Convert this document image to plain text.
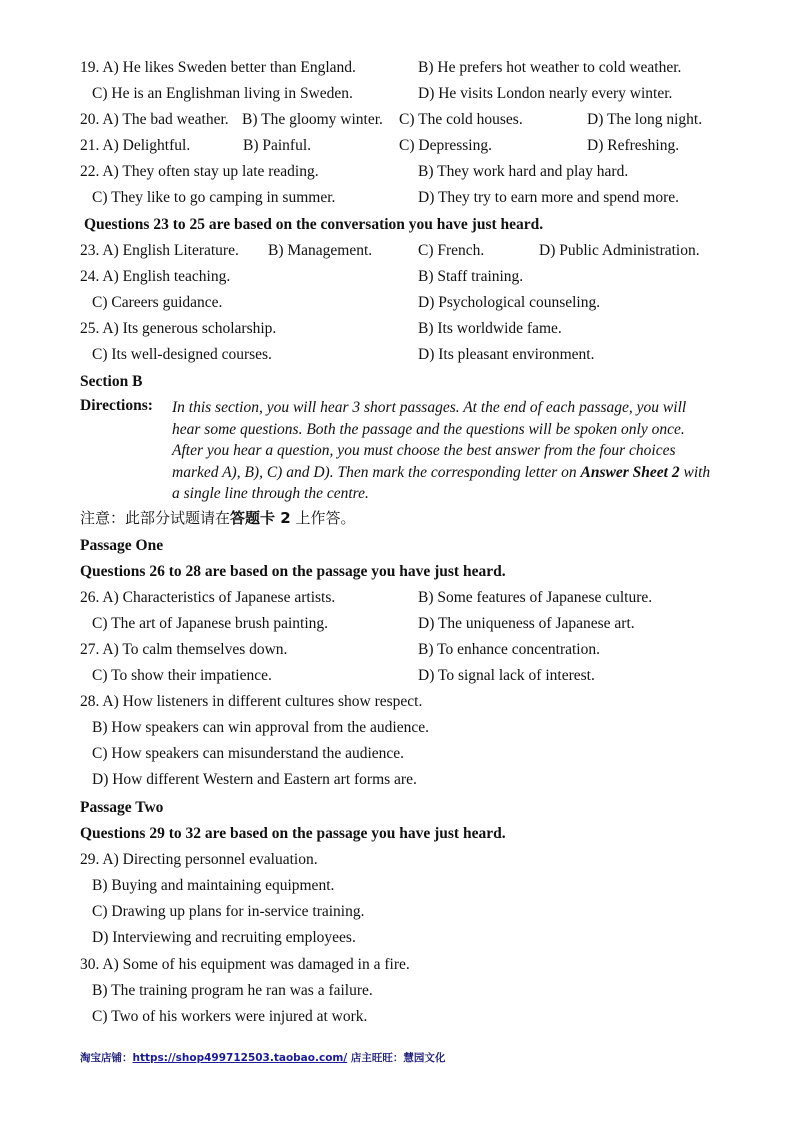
19. A) He likes Sweden better than England.	B) He prefers hot weather to cold weather.
C) He is an Englishman living in Sweden.	D) He visits London nearly every winter.
20. A) The bad weather. B) The gloomy winter. C) The cold houses.	D) The long night.
21. A) Delightful.	B) Painful.	C) Depressing.	D) Refreshing.
22. A) They often stay up late reading.	B) They work hard and play hard.
C) They like to go camping in summer.	D) They try to earn more and spend more.
Questions 23 to 25 are based on the conversation you have just heard.
23. A) English Literature. B) Management.	C) French.	D) Public Administration.
24. A) English teaching.	B) Staff training.
C) Careers guidance.	D) Psychological counseling.
25. A) Its generous scholarship.	B) Its worldwide fame.
C) Its well-designed courses.	D) Its pleasant environment.
Section B
Directions: In this section, you will hear 3 short passages. At the end of each passage, you will hear some questions. Both the passage and the questions will be spoken only once. After you hear a question, you must choose the best answer from the four choices marked A), B), C) and D). Then mark the corresponding letter on Answer Sheet 2 with a single line through the centre.
注意：此部分试题请在答题卡 2 上作答。
Passage One
Questions 26 to 28 are based on the passage you have just heard.
26. A) Characteristics of Japanese artists.	B) Some features of Japanese culture.
C) The art of Japanese brush painting.	D) The uniqueness of Japanese art.
27. A) To calm themselves down.	B) To enhance concentration.
C) To show their impatience.	D) To signal lack of interest.
28. A) How listeners in different cultures show respect.
B) How speakers can win approval from the audience.
C) How speakers can misunderstand the audience.
D) How different Western and Eastern art forms are.
Passage Two
Questions 29 to 32 are based on the passage you have just heard.
29. A) Directing personnel evaluation.
B) Buying and maintaining equipment.
C) Drawing up plans for in-service training.
D) Interviewing and recruiting employees.
30. A) Some of his equipment was damaged in a fire.
B) The training program he ran was a failure.
C) Two of his workers were injured at work.
淘宝店铺：https://shop499712503.taobao.com/ 店主旺旺：慧园文化
